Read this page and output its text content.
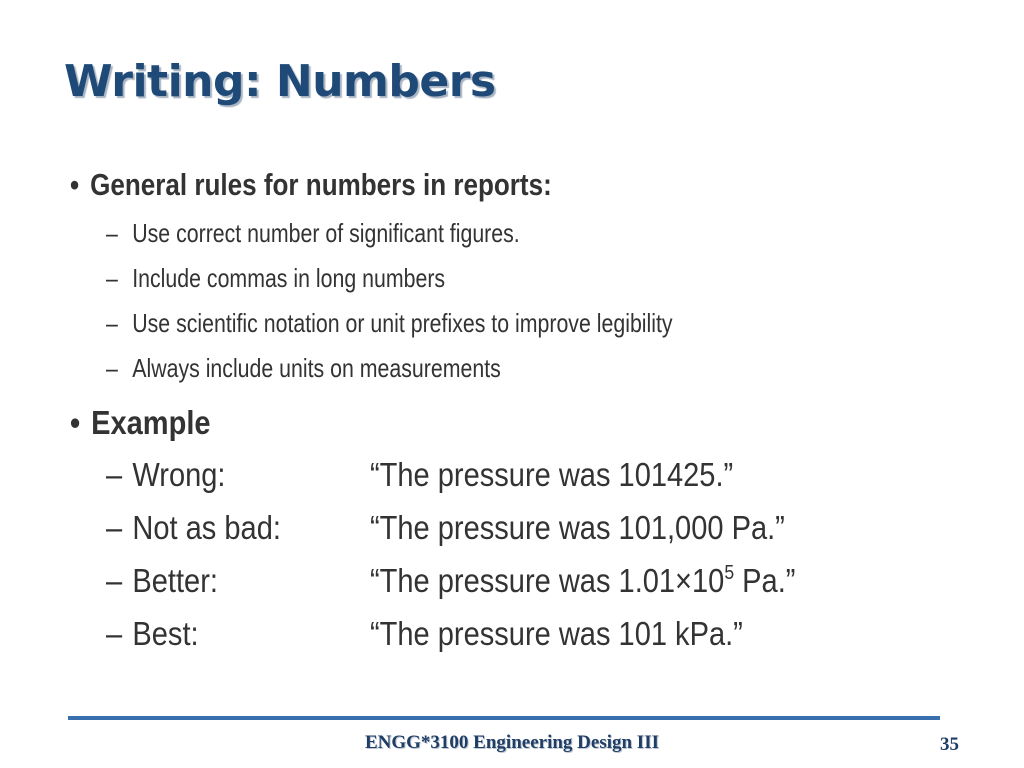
Writing: Numbers
• General rules for numbers in reports:
– Use correct number of significant figures.
– Include commas in long numbers
– Use scientific notation or unit prefixes to improve legibility
– Always include units on measurements
• Example
– Wrong:	“The pressure was 101425.”
– Not as bad:	“The pressure was 101,000 Pa.”
– Better:	“The pressure was $1.01\times 10^5$ Pa.”
– Best:	“The pressure was 101 kPa.”
ENGG*3100 Engineering Design III	35
